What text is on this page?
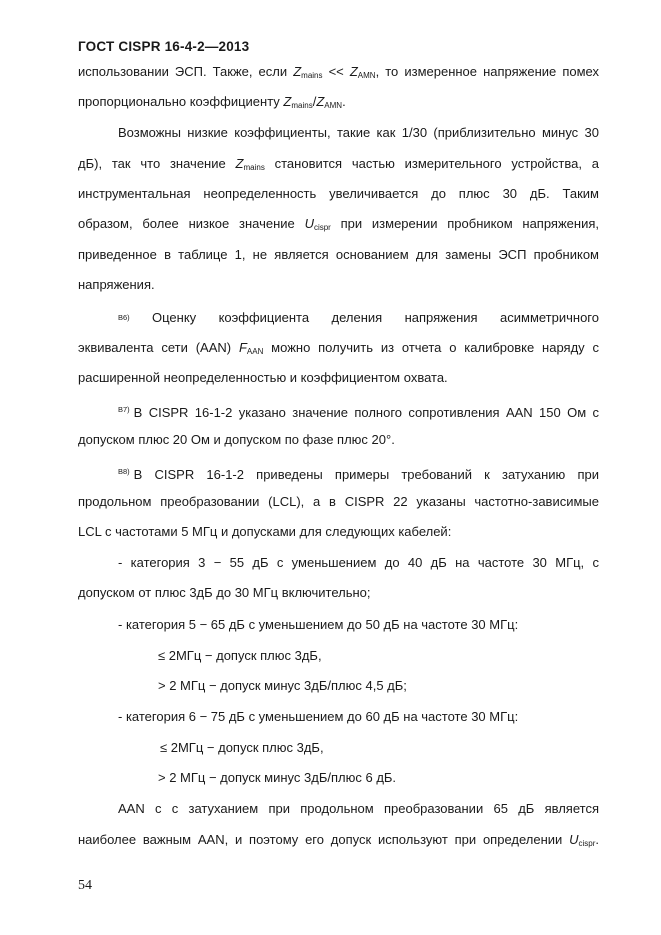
ГОСТ CISPR 16-4-2—2013
использовании ЭСП. Также, если $Z_{mains} << Z_{AMN}$, то измеренное напряжение помех
пропорционально коэффициенту $Z_{mains}/Z_{AMN}$.
Возможны низкие коэффициенты, такие как 1/30 (приблизительно минус 30
дБ), так что значение $Z_{mains}$ становится частью измерительного устройства, а
инструментальная неопределенность увеличивается до плюс 30 дБ. Таким
образом, более низкое значение $U_{cispr}$ при измерении пробником напряжения,
приведенное в таблице 1, не является основанием для замены ЭСП пробником
напряжения.
$^{В6)}$	Оценку коэффициента деления напряжения асимметричного
эквивалента сети (AAN) $F_{AAN}$ можно получить из отчета о калибровке наряду с
расширенной неопределенностью и коэффициентом охвата.
$^{В7)}$ В CISPR 16-1-2 указано значение полного сопротивления AAN 150 Ом с
допуском плюс 20 Ом и допуском по фазе плюс 20°.
$^{В8)}$ В CISPR 16-1-2 приведены примеры требований к затуханию при
продольном преобразовании (LCL), а в CISPR 22 указаны частотно-зависимые
LCL с частотами 5 МГц и допусками для следующих кабелей:
- категория 3 − 55 дБ с уменьшением до 40 дБ на частоте 30 МГц, с
допуском от плюс 3дБ до 30 МГц включительно;
- категория 5 − 65 дБ с уменьшением до 50 дБ на частоте 30 МГц:
≤ 2МГц − допуск плюс 3дБ,
> 2 МГц − допуск минус 3дБ/плюс 4,5 дБ;
- категория 6 − 75 дБ с уменьшением до 60 дБ на частоте 30 МГц:
≤ 2МГц − допуск плюс 3дБ,
> 2 МГц − допуск минус 3дБ/плюс 6 дБ.
AAN с с затуханием при продольном преобразовании 65 дБ является
наиболее важным AAN, и поэтому его допуск используют при определении $U_{cispr}$.
54
